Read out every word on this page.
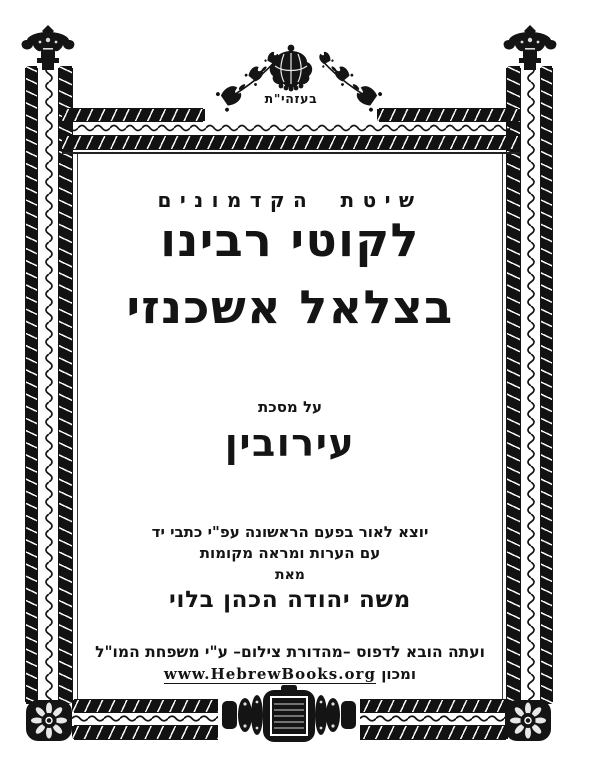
בעזהי"ת
שיטת הקדמונים
לקוטי רבינו
בצלאל אשכנזי
על מסכת
עירובין
יוצא לאור בפעם הראשונה עפ"י כתבי יד
עם הערות ומראה מקומות
מאת
משה יהודה הכהן בלוי
ועתה הובא לדפוס –מהדורת צילום– ע"י משפחת המו"ל
ומכון www.HebrewBooks.org
